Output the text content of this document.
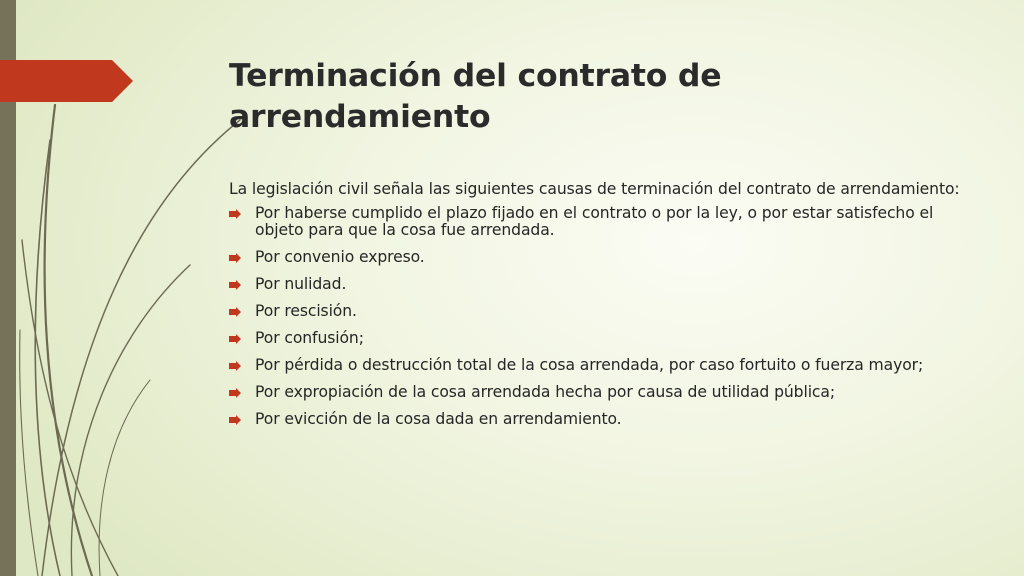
Terminación del contrato de arrendamiento

La legislación civil señala las siguientes causas de terminación del contrato de arrendamiento:

Por haberse cumplido el plazo fijado en el contrato o por la ley, o por estar satisfecho el objeto para que la cosa fue arrendada.
Por convenio expreso.
Por nulidad.
Por rescisión.
Por confusión;
Por pérdida o destrucción total de la cosa arrendada, por caso fortuito o fuerza mayor;
Por expropiación de la cosa arrendada hecha por causa de utilidad pública;
Por evicción de la cosa dada en arrendamiento.
